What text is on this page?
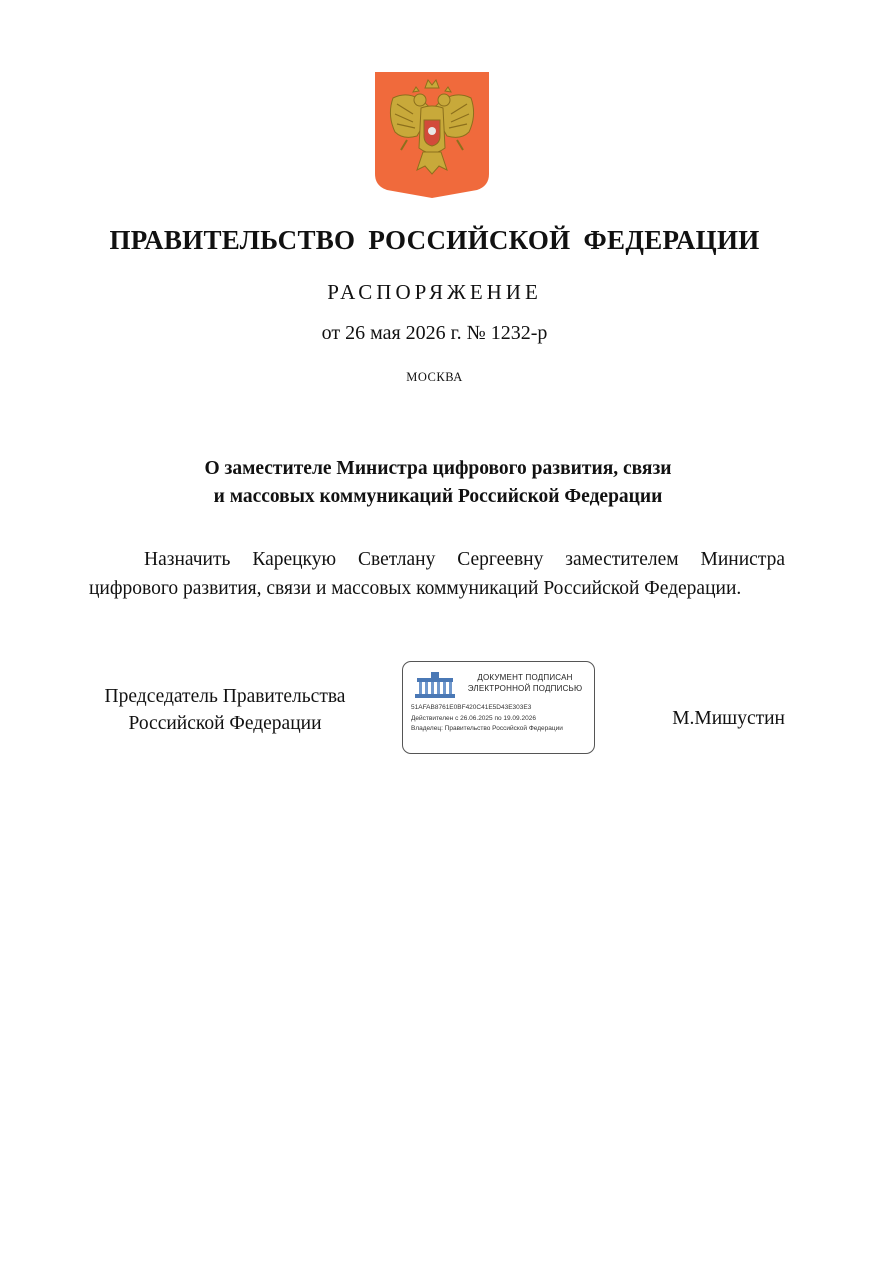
ПРАВИТЕЛЬСТВО РОССИЙСКОЙ ФЕДЕРАЦИИ
РАСПОРЯЖЕНИЕ
от 26 мая 2026 г. № 1232-р
МОСКВА
О заместителе Министра цифрового развития, связи
и массовых коммуникаций Российской Федерации

Назначить Карецкую Светлану Сергеевну заместителем Министра цифрового развития, связи и массовых коммуникаций Российской Федерации.

Председатель Правительства
Российской Федерации
ДОКУМЕНТ ПОДПИСАН
ЭЛЕКТРОННОЙ ПОДПИСЬЮ
51AFAB8761E0BF420C41E5D43E303E3
Действителен с 26.06.2025 по 19.09.2026
Владелец: Правительство Российской Федерации	М.Мишустин
